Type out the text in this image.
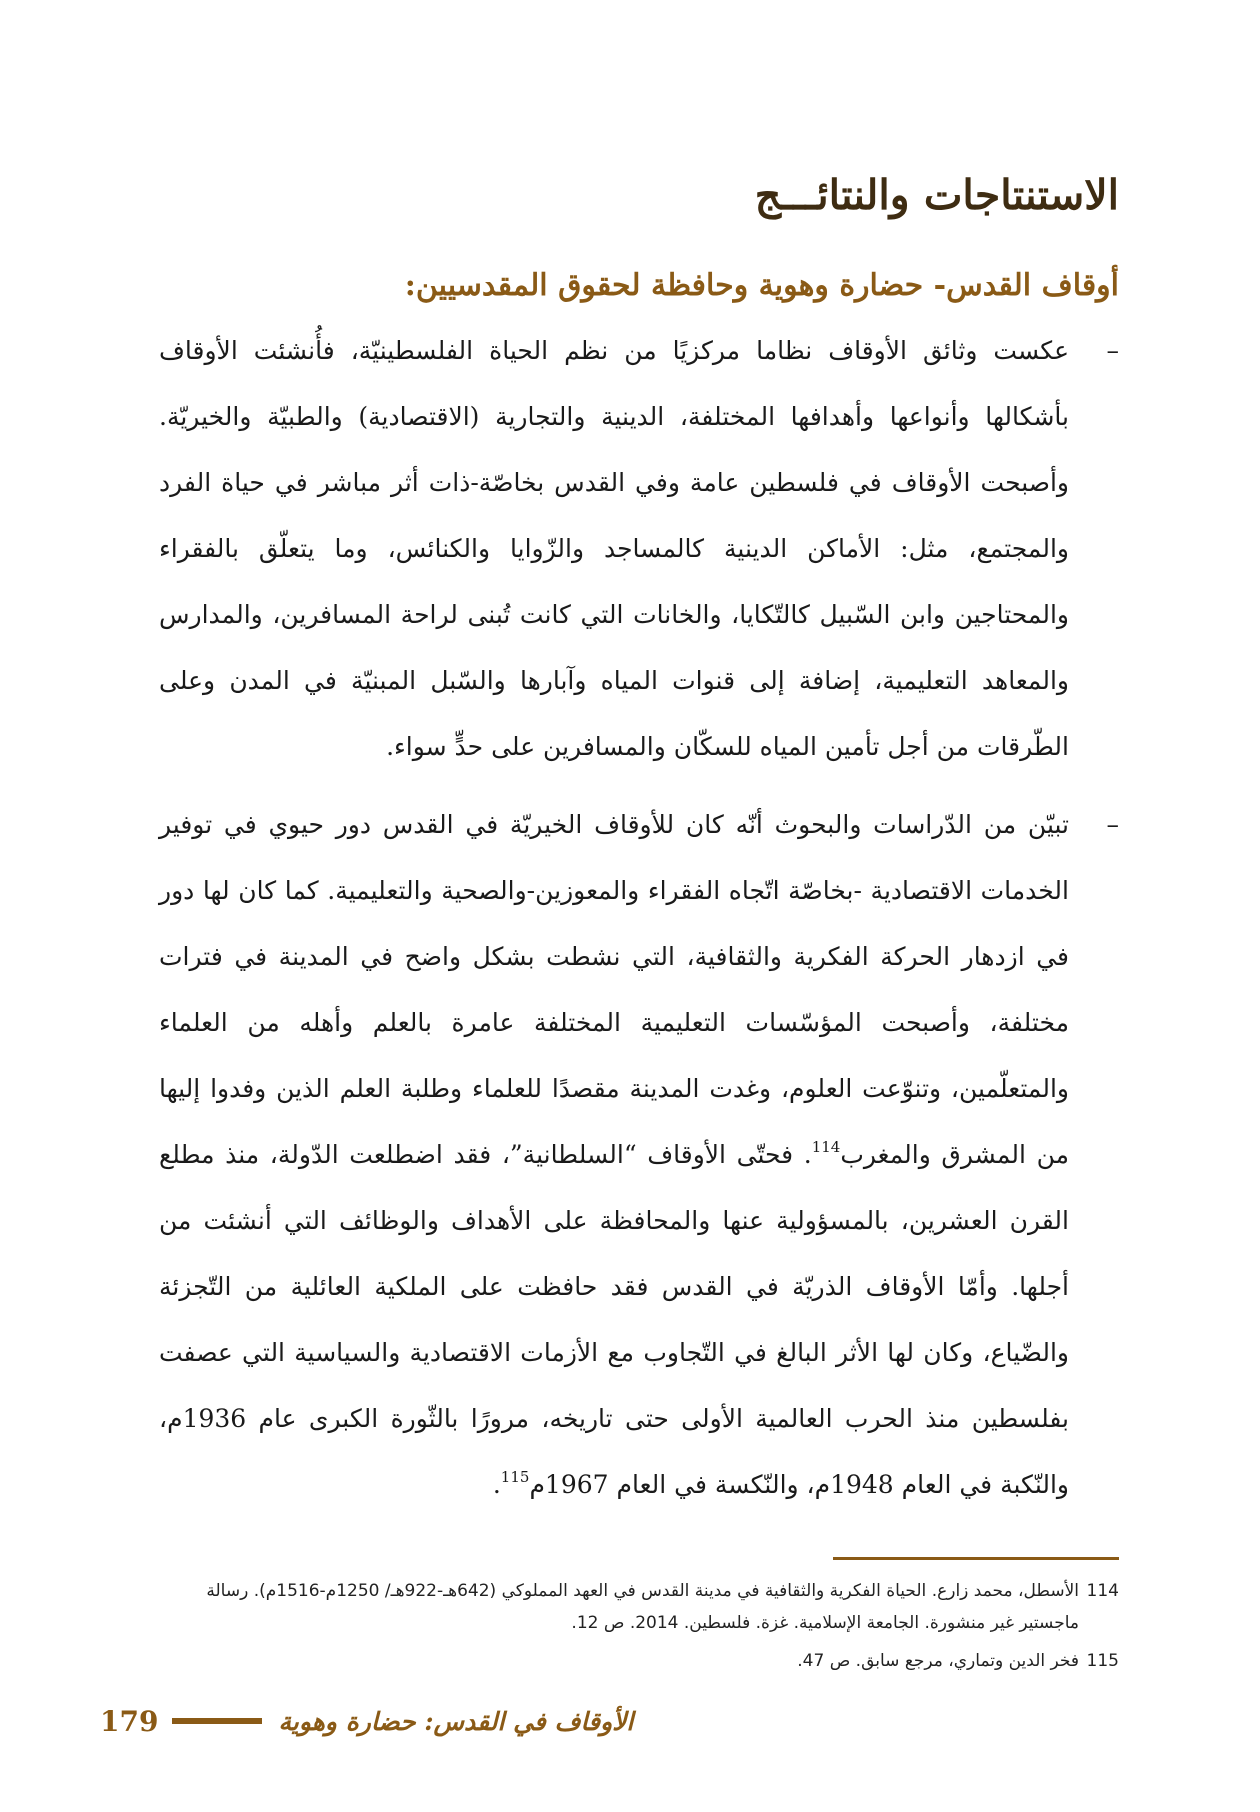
الاستنتاجات والنتائـــج
أوقاف القدس- حضارة وهوية وحافظة لحقوق المقدسيين:

–
عكست وثائق الأوقاف نظاما مركزيًا من نظم الحياة الفلسطينيّة، فأُنشئت الأوقاف بأشكالها وأنواعها وأهدافها المختلفة، الدينية والتجارية (الاقتصادية) والطبيّة والخيريّة. وأصبحت الأوقاف في فلسطين عامة وفي القدس بخاصّة-ذات أثر مباشر في حياة الفرد والمجتمع، مثل: الأماكن الدينية كالمساجد والزّوايا والكنائس، وما يتعلّق بالفقراء والمحتاجين وابن السّبيل كالتّكايا، والخانات التي كانت تُبنى لراحة المسافرين، والمدارس والمعاهد التعليمية، إضافة إلى قنوات المياه وآبارها والسّبل المبنيّة في المدن وعلى الطّرقات من أجل تأمين المياه للسكّان والمسافرين على حدٍّ سواء.

–
تبيّن من الدّراسات والبحوث أنّه كان للأوقاف الخيريّة في القدس دور حيوي في توفير الخدمات الاقتصادية -بخاصّة اتّجاه الفقراء والمعوزين-والصحية والتعليمية. كما كان لها دور في ازدهار الحركة الفكرية والثقافية، التي نشطت بشكل واضح في المدينة في فترات مختلفة، وأصبحت المؤسّسات التعليمية المختلفة عامرة بالعلم وأهله من العلماء والمتعلّمين، وتنوّعت العلوم، وغدت المدينة مقصدًا للعلماء وطلبة العلم الذين وفدوا إليها من المشرق والمغرب$^{114}$. فحتّى الأوقاف “السلطانية”، فقد اضطلعت الدّولة، منذ مطلع القرن العشرين، بالمسؤولية عنها والمحافظة على الأهداف والوظائف التي أنشئت من أجلها. وأمّا الأوقاف الذريّة في القدس فقد حافظت على الملكية العائلية من التّجزئة والضّياع، وكان لها الأثر البالغ في التّجاوب مع الأزمات الاقتصادية والسياسية التي عصفت بفلسطين منذ الحرب العالمية الأولى حتى تاريخه، مرورًا بالثّورة الكبرى عام 1936م، والنّكبة في العام 1948م، والنّكسة في العام 1967م$^{115}$.

114
الأسطل، محمد زارع. الحياة الفكرية والثقافية في مدينة القدس في العهد المملوكي (642هـ-922هـ/ 1250م-1516م). رسالة ماجستير غير منشورة. الجامعة الإسلامية. غزة. فلسطين. 2014. ص 12.
115
فخر الدين وتماري، مرجع سابق. ص 47.
179	الأوقاف في القدس: حضارة وهوية
